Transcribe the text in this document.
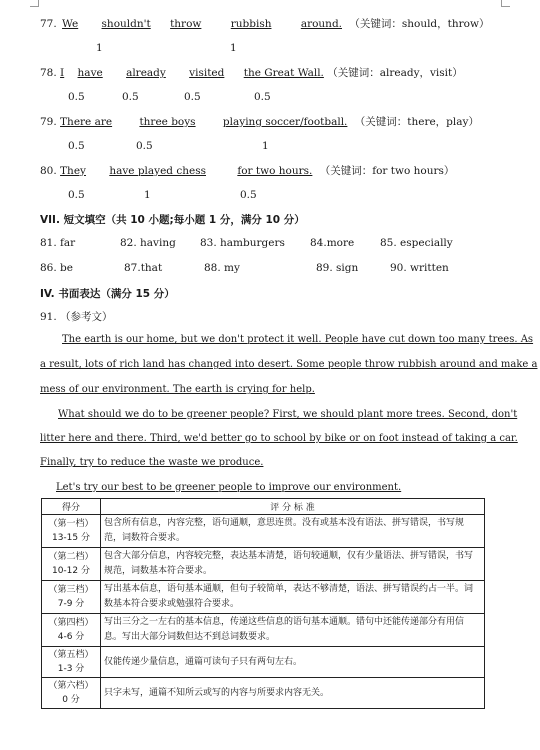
77. We shouldn't throw	rubbish	around. （关键词：should，throw）
1	1
78. I have already visited the Great Wall. （关键词：already，visit）
0.5	0.5	0.5	0.5
79. There are	three boys	playing soccer/football. （关键词：there，play）
0.5	0.5	1
80. They have played chess	for two hours. （关键词：for two hours）
0.5	1	0.5
VII. 短文填空（共 10 小题;每小题 1 分，满分 10 分）
81. far	82. having 83. hamburgers 84.more 85. especially
86. be	87.that	88. my	89. sign	90. written
IV. 书面表达（满分 15 分）
91. （参考文）
The earth is our home, but we don't protect it well. People have cut down too many trees. As
a result, lots of rich land has changed into desert. Some people throw rubbish around and make a
mess of our environment. The earth is crying for help.
What should we do to be greener people? First, we should plant more trees. Second, don't
litter here and there. Third, we'd better go to school by bike or on foot instead of taking a car.
Finally, try to reduce the waste we produce.
Let's try our best to be greener people to improve our environment.
得分	评 分 标 准
（第一档）
13-15 分	包含所有信息，内容完整，语句通顺，意思连贯。没有或基本没有语法、拼写错误，书写规范，词数符合要求。
（第二档）
10-12 分	包含大部分信息，内容较完整，表达基本清楚，语句较通顺，仅有少量语法、拼写错误，书写规范，词数基本符合要求。
（第三档）
7-9 分	写出基本信息，语句基本通顺，但句子较简单，表达不够清楚，语法、拼写错误约占一半。词数基本符合要求或勉强符合要求。
（第四档）
4-6 分	写出三分之一左右的基本信息，传递这些信息的语句基本通顺。错句中还能传递部分有用信息。写出大部分词数但达不到总词数要求。
（第五档）
1-3 分	仅能传递少量信息，通篇可读句子只有两句左右。
（第六档）
0 分	只字未写，通篇不知所云或写的内容与所要求内容无关。
